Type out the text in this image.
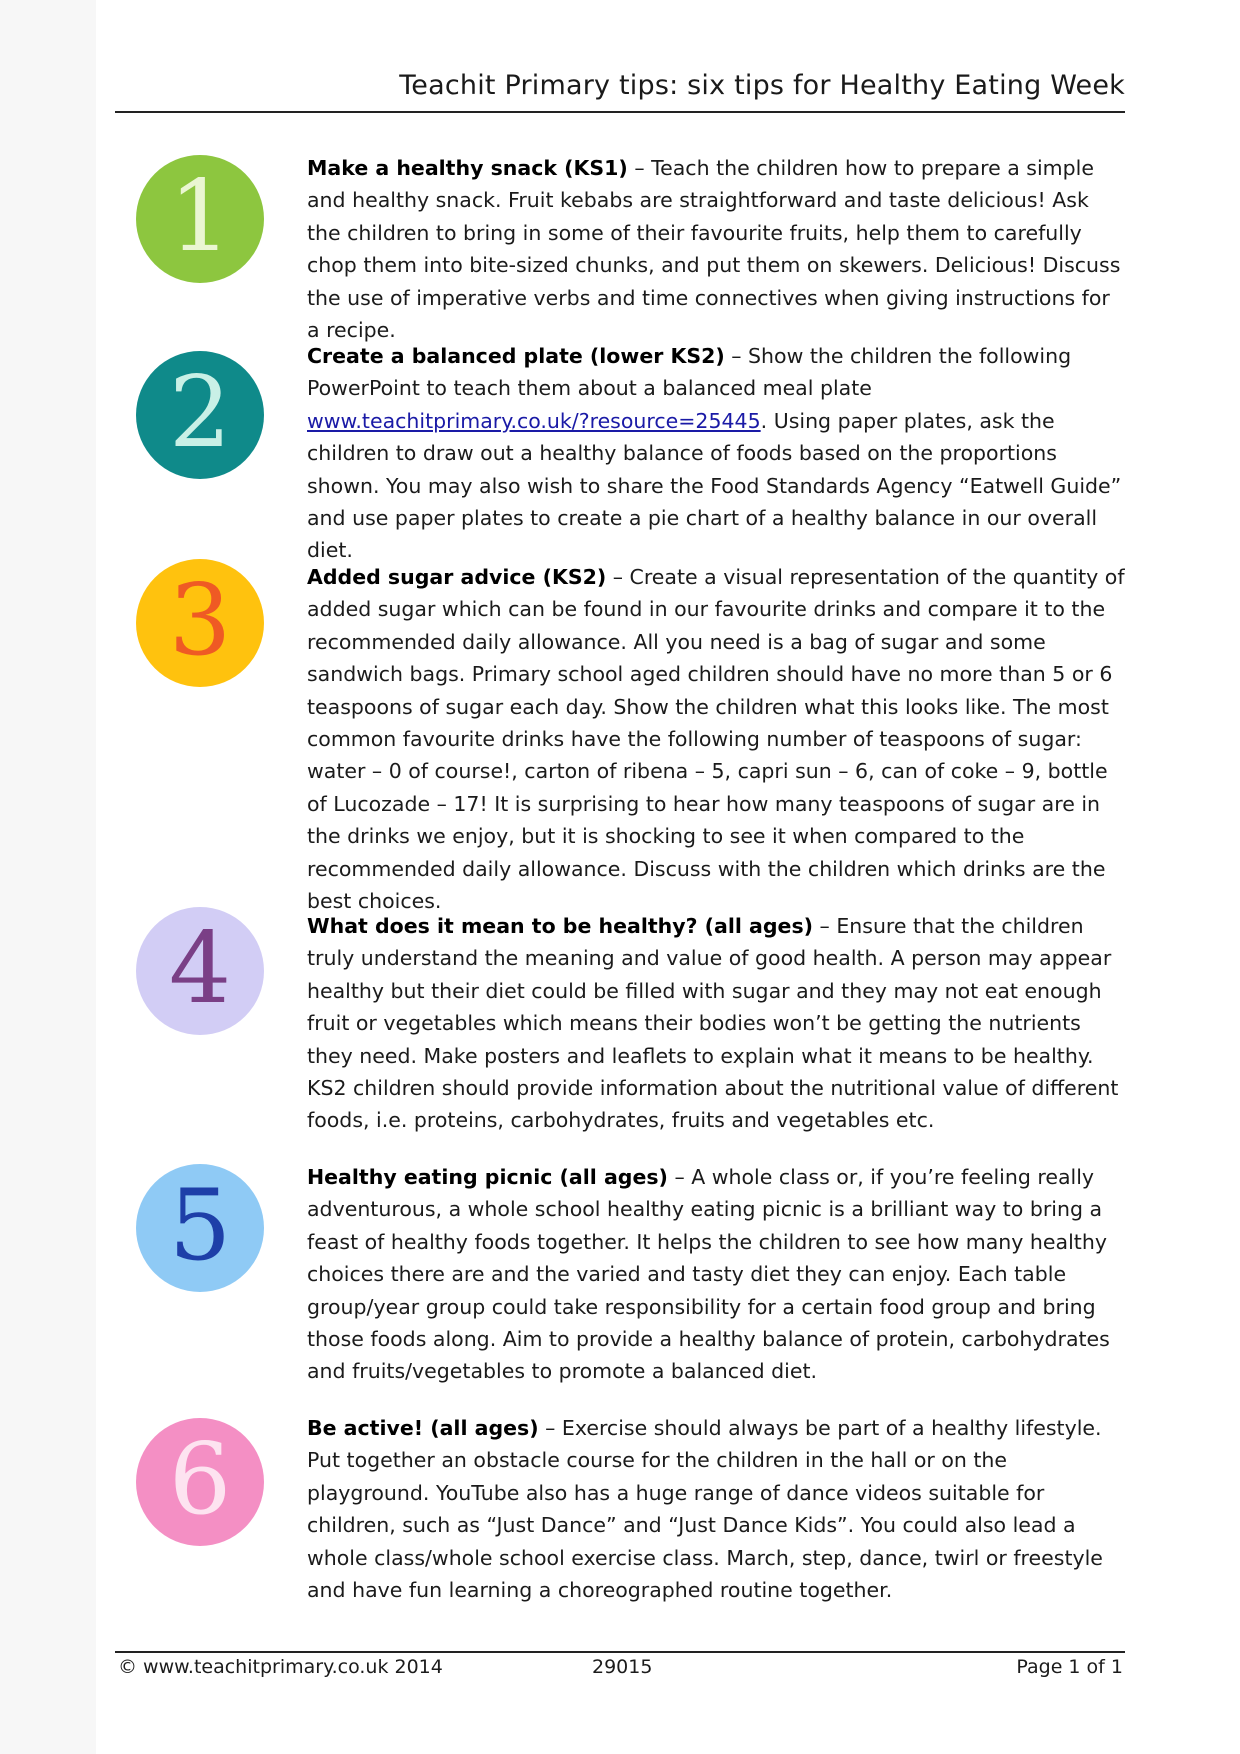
Teachit Primary tips: six tips for Healthy Eating Week
1	Make a healthy snack (KS1) – Teach the children how to prepare a simple and healthy snack. Fruit kebabs are straightforward and taste delicious! Ask the children to bring in some of their favourite fruits, help them to carefully chop them into bite-sized chunks, and put them on skewers. Delicious! Discuss the use of imperative verbs and time connectives when giving instructions for a recipe.

2	Create a balanced plate (lower KS2) – Show the children the following PowerPoint to teach them about a balanced meal plate www.teachitprimary.co.uk/?resource=25445. Using paper plates, ask the children to draw out a healthy balance of foods based on the proportions shown. You may also wish to share the Food Standards Agency “Eatwell Guide” and use paper plates to create a pie chart of a healthy balance in our overall diet.

3	Added sugar advice (KS2) – Create a visual representation of the quantity of added sugar which can be found in our favourite drinks and compare it to the recommended daily allowance. All you need is a bag of sugar and some sandwich bags. Primary school aged children should have no more than 5 or 6 teaspoons of sugar each day. Show the children what this looks like. The most common favourite drinks have the following number of teaspoons of sugar: water – 0 of course!, carton of ribena – 5, capri sun – 6, can of coke – 9, bottle of Lucozade – 17! It is surprising to hear how many teaspoons of sugar are in the drinks we enjoy, but it is shocking to see it when compared to the recommended daily allowance. Discuss with the children which drinks are the best choices.

4	What does it mean to be healthy? (all ages) – Ensure that the children truly understand the meaning and value of good health. A person may appear healthy but their diet could be filled with sugar and they may not eat enough fruit or vegetables which means their bodies won’t be getting the nutrients they need. Make posters and leaflets to explain what it means to be healthy. KS2 children should provide information about the nutritional value of different foods, i.e. proteins, carbohydrates, fruits and vegetables etc.

5	Healthy eating picnic (all ages) – A whole class or, if you’re feeling really adventurous, a whole school healthy eating picnic is a brilliant way to bring a feast of healthy foods together. It helps the children to see how many healthy choices there are and the varied and tasty diet they can enjoy. Each table group/year group could take responsibility for a certain food group and bring those foods along. Aim to provide a healthy balance of protein, carbohydrates and fruits/vegetables to promote a balanced diet.

6	Be active! (all ages) – Exercise should always be part of a healthy lifestyle. Put together an obstacle course for the children in the hall or on the playground. YouTube also has a huge range of dance videos suitable for children, such as “Just Dance” and “Just Dance Kids”. You could also lead a whole class/whole school exercise class. March, step, dance, twirl or freestyle and have fun learning a choreographed routine together.

© www.teachitprimary.co.uk 2014	29015	Page 1 of 1
